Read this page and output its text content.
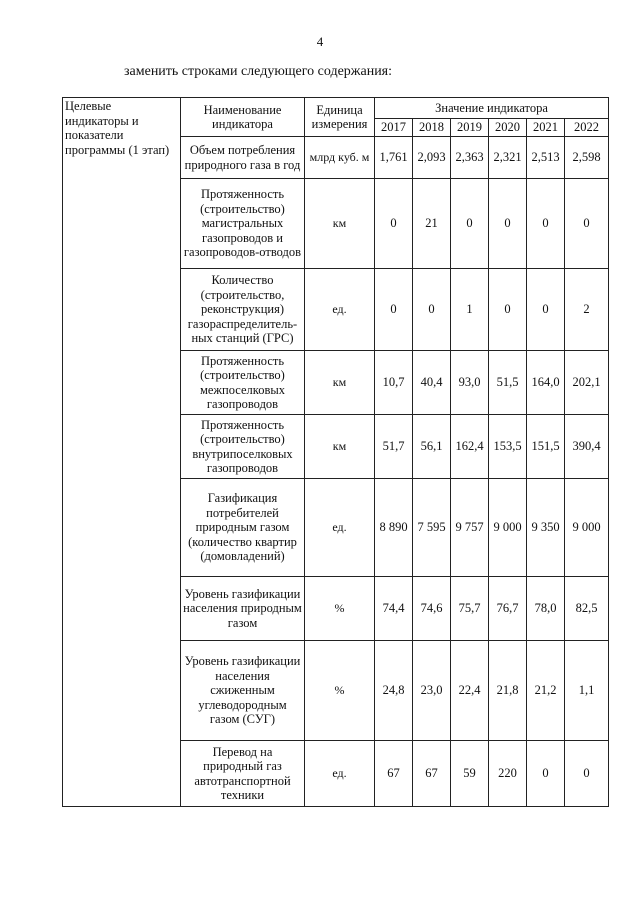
4
заменить строками следующего содержания:
Целевые индикаторы и показатели программы (1 этап)	Наименование индикатора	Единица измерения	Значение индикатора					
			2017	2018	2019	2020	2021	2022
	Объем потребления природного газа в год	млрд куб. м	1,761	2,093	2,363	2,321	2,513	2,598
	Протяженность (строительство) магистральных газопроводов и газопроводов-отводов	км	0	21	0	0	0	0
	Количество (строительство, реконструкция) газораспределитель-ных станций (ГРС)	ед.	0	0	1	0	0	2
	Протяженность (строительство) межпоселковых газопроводов	км	10,7	40,4	93,0	51,5	164,0	202,1
	Протяженность (строительство) внутрипоселковых газопроводов	км	51,7	56,1	162,4	153,5	151,5	390,4
	Газификация потребителей природным газом (количество квартир (домовладений)	ед.	8 890	7 595	9 757	9 000	9 350	9 000
	Уровень газификации населения природным газом	%	74,4	74,6	75,7	76,7	78,0	82,5
	Уровень газификации населения сжиженным углеводородным газом (СУГ)	%	24,8	23,0	22,4	21,8	21,2	1,1
	Перевод на природный газ автотранспортной техники	ед.	67	67	59	220	0	0
